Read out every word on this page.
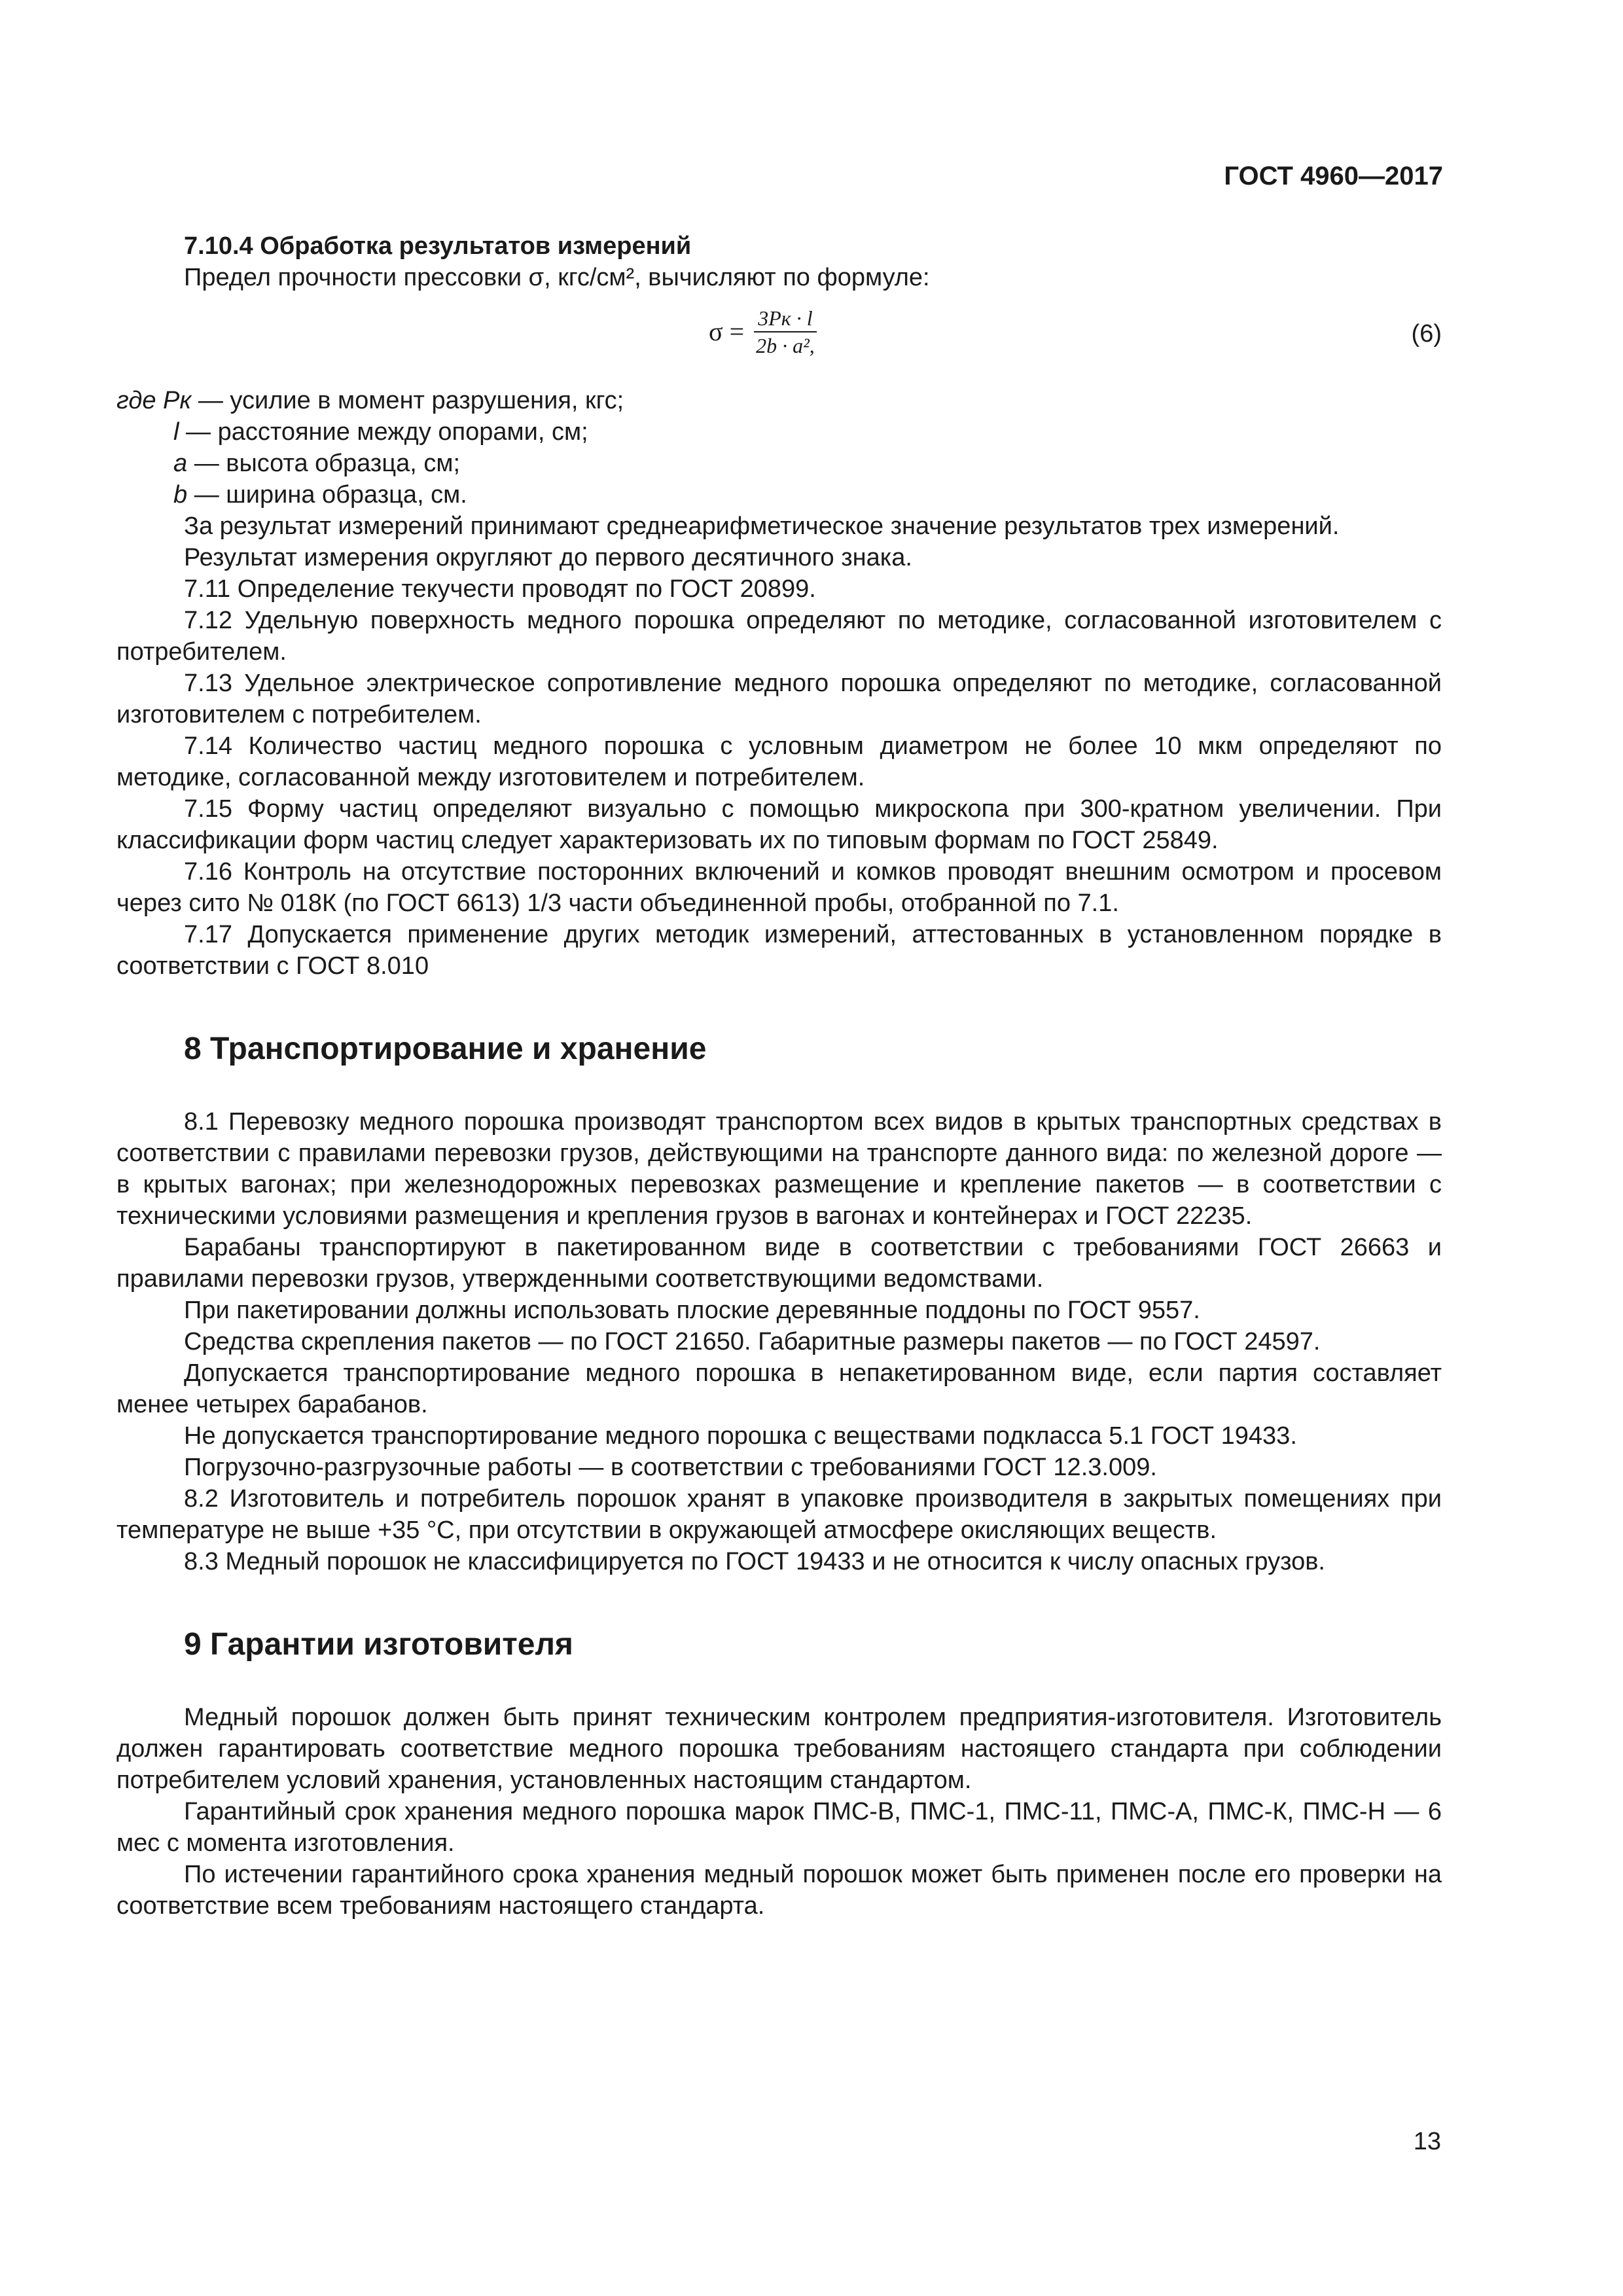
ГОСТ 4960—2017

7.10.4 Обработка результатов измерений

Предел прочности прессовки σ, кгс/см², вычисляют по формуле:

$\sigma = \frac{3Pк \cdot l}{\text{2b · a²,}}$	(6)

где Pк — усилие в момент разрушения, кгс;

l — расстояние между опорами, см;

a — высота образца, см;

b — ширина образца, см.

За результат измерений принимают среднеарифметическое значение результатов трех измерений.

Результат измерения округляют до первого десятичного знака.

7.11 Определение текучести проводят по ГОСТ 20899.

7.12 Удельную поверхность медного порошка определяют по методике, согласованной изготовителем с потребителем.

7.13 Удельное электрическое сопротивление медного порошка определяют по методике, согласованной изготовителем с потребителем.

7.14 Количество частиц медного порошка с условным диаметром не более 10 мкм определяют по методике, согласованной между изготовителем и потребителем.

7.15 Форму частиц определяют визуально с помощью микроскопа при 300-кратном увеличении. При классификации форм частиц следует характеризовать их по типовым формам по ГОСТ 25849.

7.16 Контроль на отсутствие посторонних включений и комков проводят внешним осмотром и просевом через сито № 018К (по ГОСТ 6613) 1/3 части объединенной пробы, отобранной по 7.1.

7.17 Допускается применение других методик измерений, аттестованных в установленном порядке в соответствии с ГОСТ 8.010

8 Транспортирование и хранение

8.1 Перевозку медного порошка производят транспортом всех видов в крытых транспортных средствах в соответствии с правилами перевозки грузов, действующими на транспорте данного вида: по железной дороге — в крытых вагонах; при железнодорожных перевозках размещение и крепление пакетов — в соответствии с техническими условиями размещения и крепления грузов в вагонах и контейнерах и ГОСТ 22235.

Барабаны транспортируют в пакетированном виде в соответствии с требованиями ГОСТ 26663 и правилами перевозки грузов, утвержденными соответствующими ведомствами.

При пакетировании должны использовать плоские деревянные поддоны по ГОСТ 9557.

Средства скрепления пакетов — по ГОСТ 21650. Габаритные размеры пакетов — по ГОСТ 24597.

Допускается транспортирование медного порошка в непакетированном виде, если партия составляет менее четырех барабанов.

Не допускается транспортирование медного порошка с веществами подкласса 5.1 ГОСТ 19433.

Погрузочно-разгрузочные работы — в соответствии с требованиями ГОСТ 12.3.009.

8.2 Изготовитель и потребитель порошок хранят в упаковке производителя в закрытых помещениях при температуре не выше +35 °С, при отсутствии в окружающей атмосфере окисляющих веществ.

8.3 Медный порошок не классифицируется по ГОСТ 19433 и не относится к числу опасных грузов.

9 Гарантии изготовителя

Медный порошок должен быть принят техническим контролем предприятия-изготовителя. Изготовитель должен гарантировать соответствие медного порошка требованиям настоящего стандарта при соблюдении потребителем условий хранения, установленных настоящим стандартом.

Гарантийный срок хранения медного порошка марок ПМС-В, ПМС-1, ПМС-11, ПМС-А, ПМС-К, ПМС-Н — 6 мес с момента изготовления.

По истечении гарантийного срока хранения медный порошок может быть применен после его проверки на соответствие всем требованиям настоящего стандарта.

13
